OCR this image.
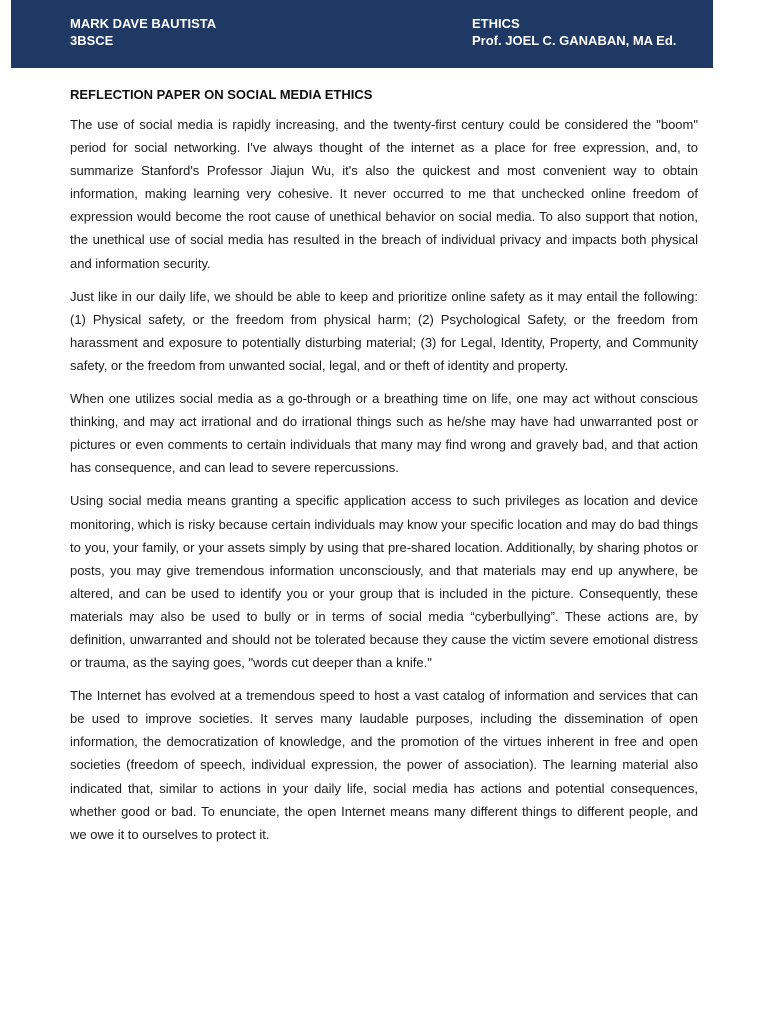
MARK DAVE BAUTISTA
3BSCE
ETHICS
Prof. JOEL C. GANABAN, MA Ed.
REFLECTION PAPER ON SOCIAL MEDIA ETHICS

The use of social media is rapidly increasing, and the twenty-first century could be considered the "boom" period for social networking. I've always thought of the internet as a place for free expression, and, to summarize Stanford's Professor Jiajun Wu, it's also the quickest and most convenient way to obtain information, making learning very cohesive. It never occurred to me that unchecked online freedom of expression would become the root cause of unethical behavior on social media. To also support that notion, the unethical use of social media has resulted in the breach of individual privacy and impacts both physical and information security.

Just like in our daily life, we should be able to keep and prioritize online safety as it may entail the following: (1) Physical safety, or the freedom from physical harm; (2) Psychological Safety, or the freedom from harassment and exposure to potentially disturbing material; (3) for Legal, Identity, Property, and Community safety, or the freedom from unwanted social, legal, and or theft of identity and property.

When one utilizes social media as a go-through or a breathing time on life, one may act without conscious thinking, and may act irrational and do irrational things such as he/she may have had unwarranted post or pictures or even comments to certain individuals that many may find wrong and gravely bad, and that action has consequence, and can lead to severe repercussions.

Using social media means granting a specific application access to such privileges as location and device monitoring, which is risky because certain individuals may know your specific location and may do bad things to you, your family, or your assets simply by using that pre-shared location. Additionally, by sharing photos or posts, you may give tremendous information unconsciously, and that materials may end up anywhere, be altered, and can be used to identify you or your group that is included in the picture. Consequently, these materials may also be used to bully or in terms of social media “cyberbullying”. These actions are, by definition, unwarranted and should not be tolerated because they cause the victim severe emotional distress or trauma, as the saying goes, "words cut deeper than a knife."

The Internet has evolved at a tremendous speed to host a vast catalog of information and services that can be used to improve societies. It serves many laudable purposes, including the dissemination of open information, the democratization of knowledge, and the promotion of the virtues inherent in free and open societies (freedom of speech, individual expression, the power of association). The learning material also indicated that, similar to actions in your daily life, social media has actions and potential consequences, whether good or bad. To enunciate, the open Internet means many different things to different people, and we owe it to ourselves to protect it.
